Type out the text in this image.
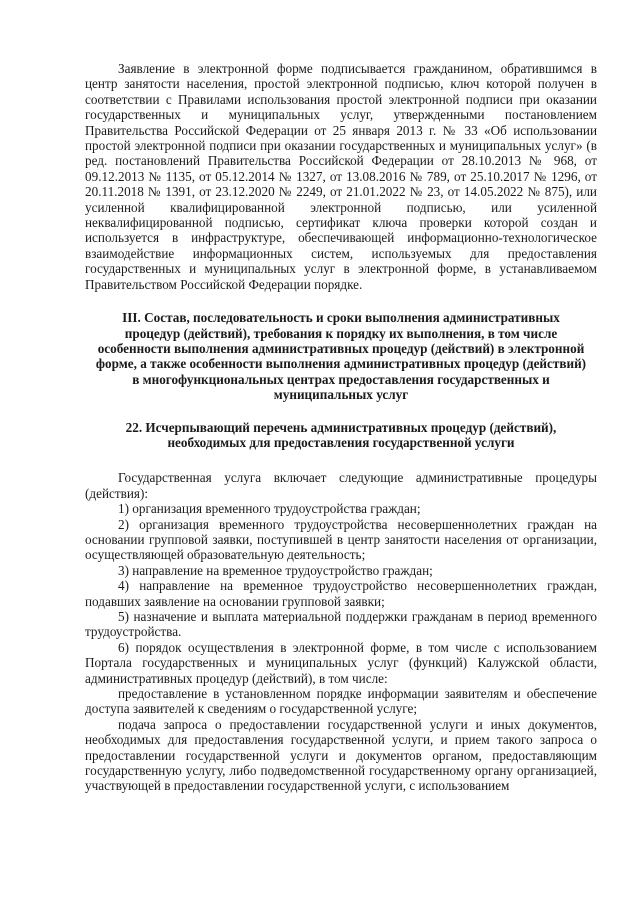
Заявление в электронной форме подписывается гражданином, обратившимся в центр занятости населения, простой электронной подписью, ключ которой получен в соответствии с Правилами использования простой электронной подписи при оказании государственных и муниципальных услуг, утвержденными постановлением Правительства Российской Федерации от 25 января 2013 г. № 33 «Об использовании простой электронной подписи при оказании государственных и муниципальных услуг» (в ред. постановлений Правительства Российской Федерации от 28.10.2013 № 968, от 09.12.2013 № 1135, от 05.12.2014 № 1327, от 13.08.2016 № 789, от 25.10.2017 № 1296, от 20.11.2018 № 1391, от 23.12.2020 № 2249, от 21.01.2022 № 23, от 14.05.2022 № 875), или усиленной квалифицированной электронной подписью, или усиленной неквалифицированной подписью, сертификат ключа проверки которой создан и используется в инфраструктуре, обеспечивающей информационно-технологическое взаимодействие информационных систем, используемых для предоставления государственных и муниципальных услуг в электронной форме, в устанавливаемом Правительством Российской Федерации порядке.

III. Состав, последовательность и сроки выполнения административных процедур (действий), требования к порядку их выполнения, в том числе особенности выполнения административных процедур (действий) в электронной форме, а также особенности выполнения административных процедур (действий) в многофункциональных центрах предоставления государственных и муниципальных услуг

22. Исчерпывающий перечень административных процедур (действий), необходимых для предоставления государственной услуги

Государственная услуга включает следующие административные процедуры (действия):

1) организация временного трудоустройства граждан;

2) организация временного трудоустройства несовершеннолетних граждан на основании групповой заявки, поступившей в центр занятости населения от организации, осуществляющей образовательную деятельность;

3) направление на временное трудоустройство граждан;

4) направление на временное трудоустройство несовершеннолетних граждан, подавших заявление на основании групповой заявки;

5) назначение и выплата материальной поддержки гражданам в период временного трудоустройства.

6) порядок осуществления в электронной форме, в том числе с использованием Портала государственных и муниципальных услуг (функций) Калужской области, административных процедур (действий), в том числе:

предоставление в установленном порядке информации заявителям и обеспечение доступа заявителей к сведениям о государственной услуге;

подача запроса о предоставлении государственной услуги и иных документов, необходимых для предоставления государственной услуги, и прием такого запроса о предоставлении государственной услуги и документов органом, предоставляющим государственную услугу, либо подведомственной государственному органу организацией, участвующей в предоставлении государственной услуги, с использованием
